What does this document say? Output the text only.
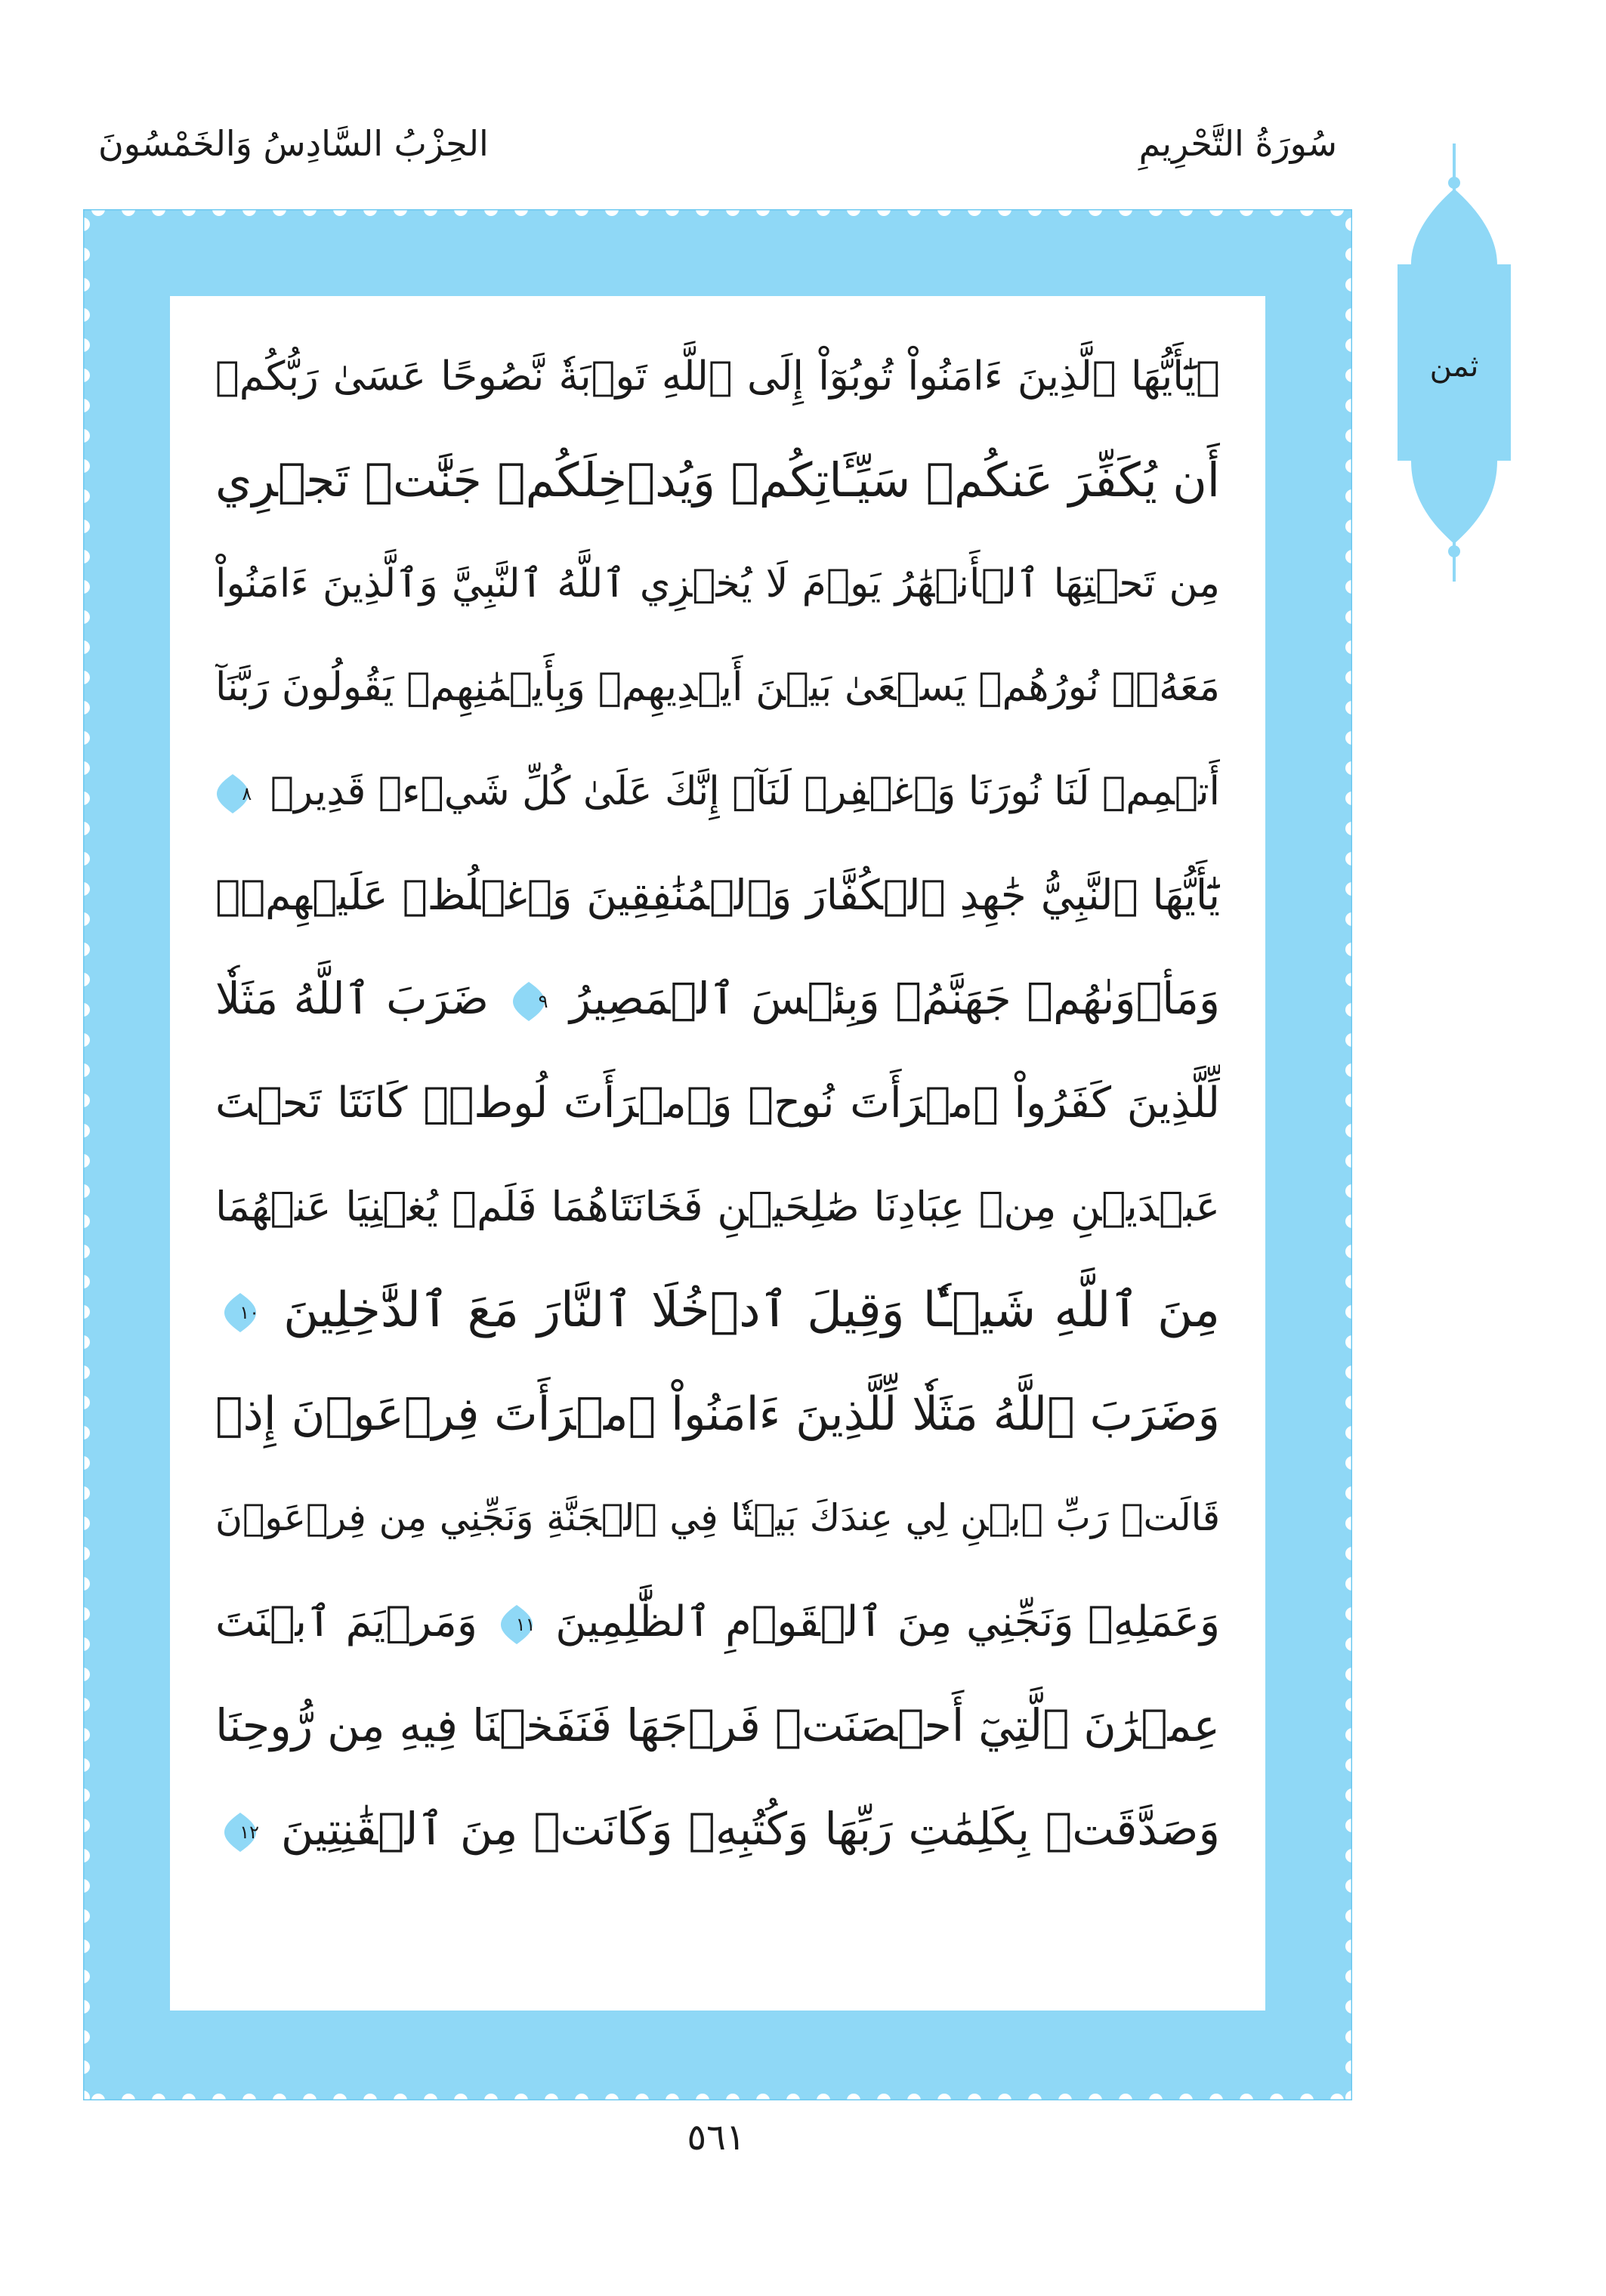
سُورَةُ التَّحْرِيمِ
الحِزْبُ السَّادِسُ وَالخَمْسُونَ
۞يَٰٓأَيُّهَا ٱلَّذِينَ ءَامَنُواْ تُوبُوٓاْ إِلَى ٱللَّهِ تَوۡبَةٗ نَّصُوحًا عَسَىٰ رَبُّكُمۡ
أَن يُكَفِّرَ عَنكُمۡ سَيِّـَٔاتِكُمۡ وَيُدۡخِلَكُمۡ جَنَّٰتٖ تَجۡرِي
مِن تَحۡتِهَا ٱلۡأَنۡهَٰرُ يَوۡمَ لَا يُخۡزِي ٱللَّهُ ٱلنَّبِيَّ وَٱلَّذِينَ ءَامَنُواْ
مَعَهُۥۖ نُورُهُمۡ يَسۡعَىٰ بَيۡنَ أَيۡدِيهِمۡ وَبِأَيۡمَٰنِهِمۡ يَقُولُونَ رَبَّنَآ
أَتۡمِمۡ لَنَا نُورَنَا وَٱغۡفِرۡ لَنَآۖ إِنَّكَ عَلَىٰ كُلِّ شَيۡءٖ قَدِيرٞ
٨
يَٰٓأَيُّهَا ٱلنَّبِيُّ جَٰهِدِ ٱلۡكُفَّارَ وَٱلۡمُنَٰفِقِينَ وَٱغۡلُظۡ عَلَيۡهِمۡۚ
وَمَأۡوَىٰهُمۡ جَهَنَّمُۖ وَبِئۡسَ ٱلۡمَصِيرُ
٩
ضَرَبَ ٱللَّهُ مَثَلٗا
لِّلَّذِينَ كَفَرُواْ ٱمۡرَأَتَ نُوحٖ وَٱمۡرَأَتَ لُوطٖۖ كَانَتَا تَحۡتَ
عَبۡدَيۡنِ مِنۡ عِبَادِنَا صَٰلِحَيۡنِ فَخَانَتَاهُمَا فَلَمۡ يُغۡنِيَا عَنۡهُمَا
مِنَ ٱللَّهِ شَيۡـٔٗا وَقِيلَ ٱدۡخُلَا ٱلنَّارَ مَعَ ٱلدَّٰخِلِينَ
١٠
وَضَرَبَ ٱللَّهُ مَثَلٗا لِّلَّذِينَ ءَامَنُواْ ٱمۡرَأَتَ فِرۡعَوۡنَ إِذۡ
قَالَتۡ رَبِّ ٱبۡنِ لِي عِندَكَ بَيۡتٗا فِي ٱلۡجَنَّةِ وَنَجِّنِي مِن فِرۡعَوۡنَ
وَعَمَلِهِۦ وَنَجِّنِي مِنَ ٱلۡقَوۡمِ ٱلظَّٰلِمِينَ
١١
وَمَرۡيَمَ ٱبۡنَتَ
عِمۡرَٰنَ ٱلَّتِيٓ أَحۡصَنَتۡ فَرۡجَهَا فَنَفَخۡنَا فِيهِ مِن رُّوحِنَا
وَصَدَّقَتۡ بِكَلِمَٰتِ رَبِّهَا وَكُتُبِهِۦ وَكَانَتۡ مِنَ ٱلۡقَٰنِتِينَ
١٢
ثمن
٥٦١
